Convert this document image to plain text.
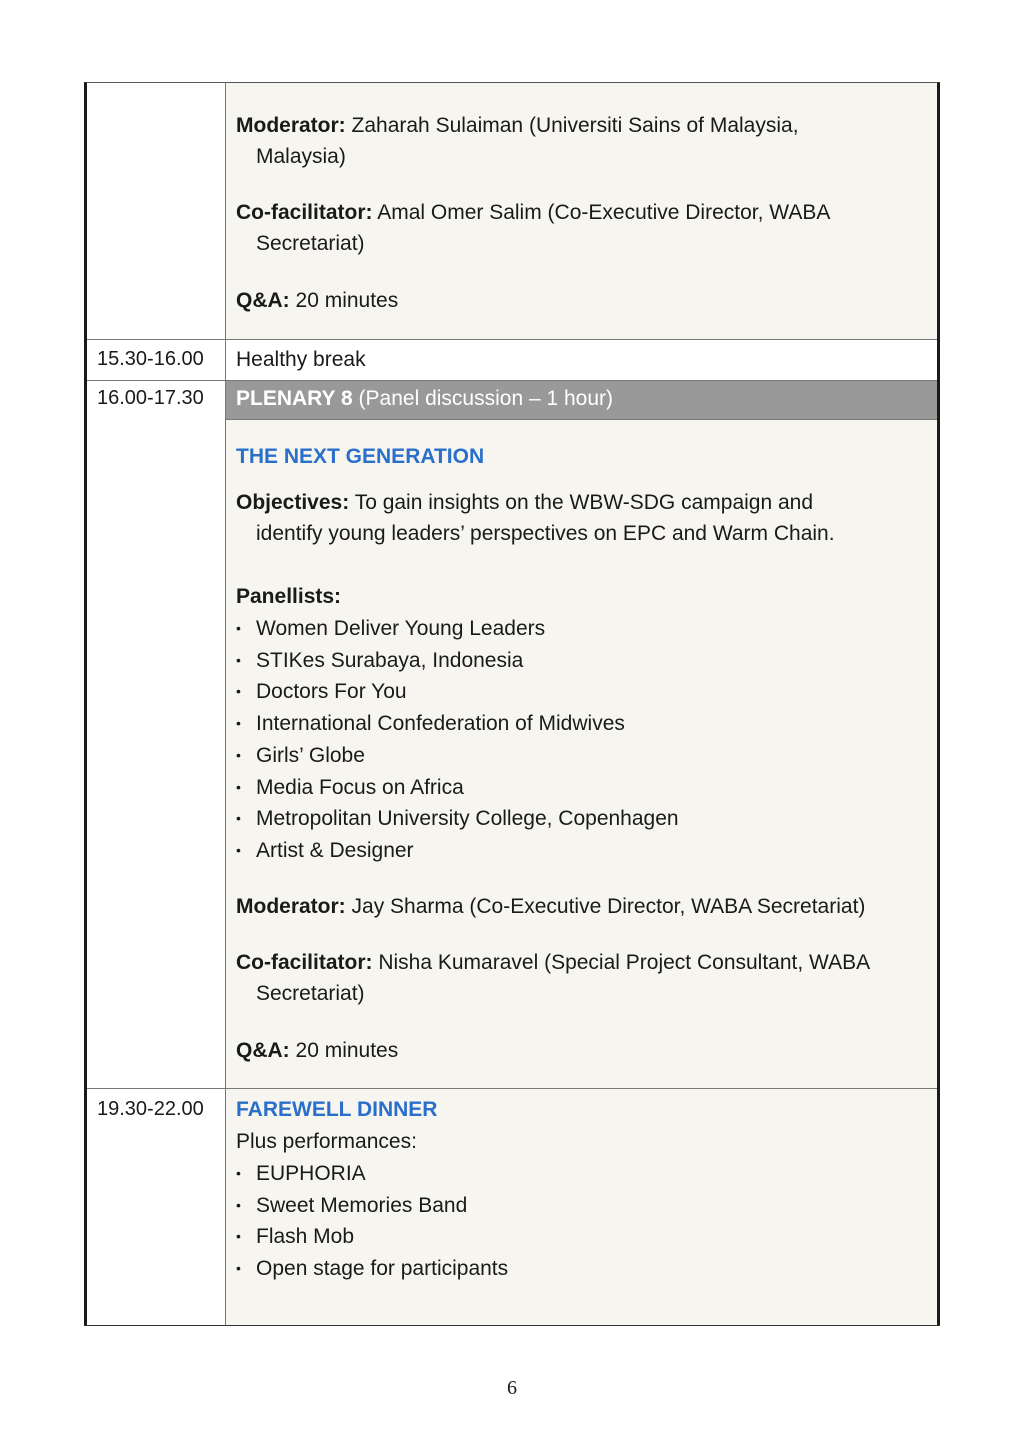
Moderator: Zaharah Sulaiman (Universiti Sains of Malaysia,
Malaysia)
Co-facilitator: Amal Omer Salim (Co-Executive Director, WABA
Secretariat)
Q&A: 20 minutes
15.30-16.00	Healthy break
16.00-17.30	PLENARY 8 (Panel discussion – 1 hour)
THE NEXT GENERATION
Objectives: To gain insights on the WBW-SDG campaign and
identify young leaders’ perspectives on EPC and Warm Chain.
Panellists:
• Women Deliver Young Leaders
• STIKes Surabaya, Indonesia
• Doctors For You
• International Confederation of Midwives
• Girls’ Globe
• Media Focus on Africa
• Metropolitan University College, Copenhagen
• Artist & Designer
Moderator: Jay Sharma (Co-Executive Director, WABA Secretariat)
Co-facilitator: Nisha Kumaravel (Special Project Consultant, WABA
Secretariat)
Q&A: 20 minutes
19.30-22.00	FAREWELL DINNER
Plus performances:
• EUPHORIA
• Sweet Memories Band
• Flash Mob
• Open stage for participants
6
